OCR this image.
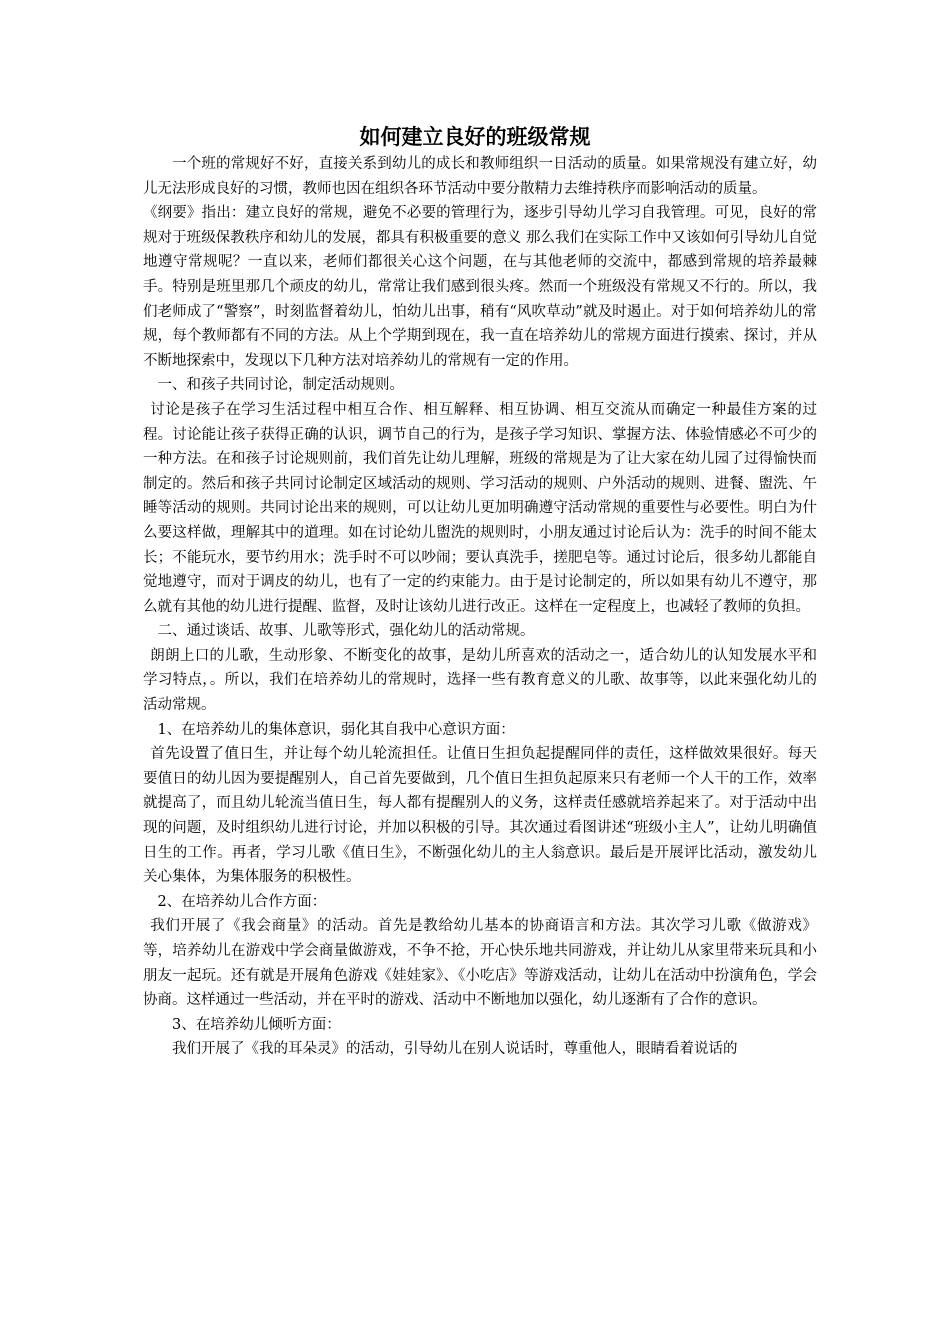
如何建立良好的班级常规

一个班的常规好不好，直接关系到幼儿的成长和教师组织一日活动的质量。如果常规没有建立好，幼儿无法形成良好的习惯，教师也因在组织各环节活动中要分散精力去维持秩序而影响活动的质量。

《纲要》指出：建立良好的常规，避免不必要的管理行为，逐步引导幼儿学习自我管理。可见，良好的常规对于班级保教秩序和幼儿的发展，都具有积极重要的意义 那么我们在实际工作中又该如何引导幼儿自觉地遵守常规呢？一直以来，老师们都很关心这个问题，在与其他老师的交流中，都感到常规的培养最棘手。特别是班里那几个顽皮的幼儿，常常让我们感到很头疼。然而一个班级没有常规又不行的。所以，我们老师成了“警察”，时刻监督着幼儿，怕幼儿出事，稍有“风吹草动”就及时遏止。对于如何培养幼儿的常规，每个教师都有不同的方法。从上个学期到现在，我一直在培养幼儿的常规方面进行摸索、探讨，并从不断地探索中，发现以下几种方法对培养幼儿的常规有一定的作用。

一、和孩子共同讨论，制定活动规则。

讨论是孩子在学习生活过程中相互合作、相互解释、相互协调、相互交流从而确定一种最佳方案的过程。讨论能让孩子获得正确的认识，调节自己的行为，是孩子学习知识、掌握方法、体验情感必不可少的一种方法。在和孩子讨论规则前，我们首先让幼儿理解，班级的常规是为了让大家在幼儿园了过得愉快而制定的。然后和孩子共同讨论制定区域活动的规则、学习活动的规则、户外活动的规则、进餐、盥洗、午睡等活动的规则。共同讨论出来的规则，可以让幼儿更加明确遵守活动常规的重要性与必要性。明白为什么要这样做，理解其中的道理。如在讨论幼儿盥洗的规则时，小朋友通过讨论后认为：洗手的时间不能太长；不能玩水，要节约用水；洗手时不可以吵闹；要认真洗手，搓肥皂等。通过讨论后，很多幼儿都能自觉地遵守，而对于调皮的幼儿，也有了一定的约束能力。由于是讨论制定的，所以如果有幼儿不遵守，那么就有其他的幼儿进行提醒、监督，及时让该幼儿进行改正。这样在一定程度上，也减轻了教师的负担。

二、通过谈话、故事、儿歌等形式，强化幼儿的活动常规。

朗朗上口的儿歌，生动形象、不断变化的故事，是幼儿所喜欢的活动之一，适合幼儿的认知发展水平和学习特点，。所以，我们在培养幼儿的常规时，选择一些有教育意义的儿歌、故事等，以此来强化幼儿的活动常规。

1、在培养幼儿的集体意识，弱化其自我中心意识方面：

首先设置了值日生，并让每个幼儿轮流担任。让值日生担负起提醒同伴的责任，这样做效果很好。每天要值日的幼儿因为要提醒别人，自己首先要做到，几个值日生担负起原来只有老师一个人干的工作，效率就提高了，而且幼儿轮流当值日生，每人都有提醒别人的义务，这样责任感就培养起来了。对于活动中出现的问题，及时组织幼儿进行讨论，并加以积极的引导。其次通过看图讲述“班级小主人”，让幼儿明确值日生的工作。再者，学习儿歌《值日生》，不断强化幼儿的主人翁意识。最后是开展评比活动，激发幼儿关心集体，为集体服务的积极性。

2、在培养幼儿合作方面：

我们开展了《我会商量》的活动。首先是教给幼儿基本的协商语言和方法。其次学习儿歌《做游戏》等，培养幼儿在游戏中学会商量做游戏，不争不抢，开心快乐地共同游戏，并让幼儿从家里带来玩具和小朋友一起玩。还有就是开展角色游戏《娃娃家》、《小吃店》等游戏活动，让幼儿在活动中扮演角色，学会协商。这样通过一些活动，并在平时的游戏、活动中不断地加以强化，幼儿逐渐有了合作的意识。

3、在培养幼儿倾听方面：

我们开展了《我的耳朵灵》的活动，引导幼儿在别人说话时，尊重他人，眼睛看着说话的
